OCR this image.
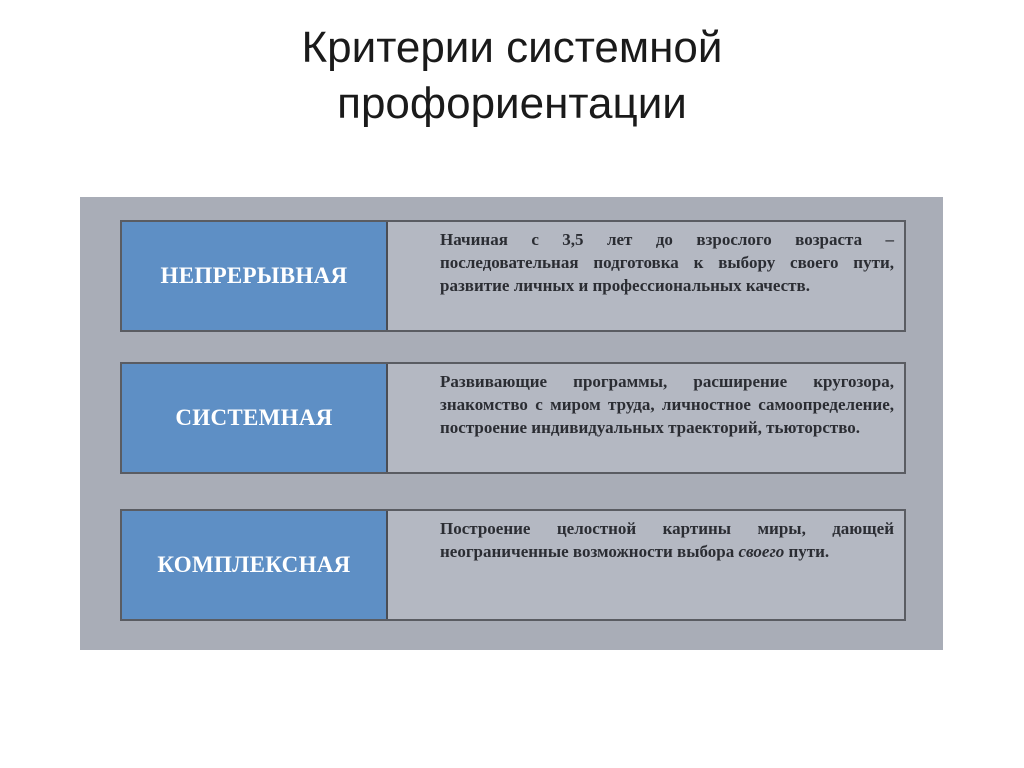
Критерии системной
профориентации
НЕПРЕРЫВНАЯ
Начиная с 3,5 лет до взрослого возраста – последовательная подготовка к выбору своего пути, развитие личных и профессиональных качеств.
СИСТЕМНАЯ
Развивающие программы, расширение кругозора, знакомство с миром труда, личностное самоопределение, построение индивидуальных траекторий, тьюторство.
КОМПЛЕКСНАЯ
Построение целостной картины миры, дающей неограниченные возможности выбора своего пути.
